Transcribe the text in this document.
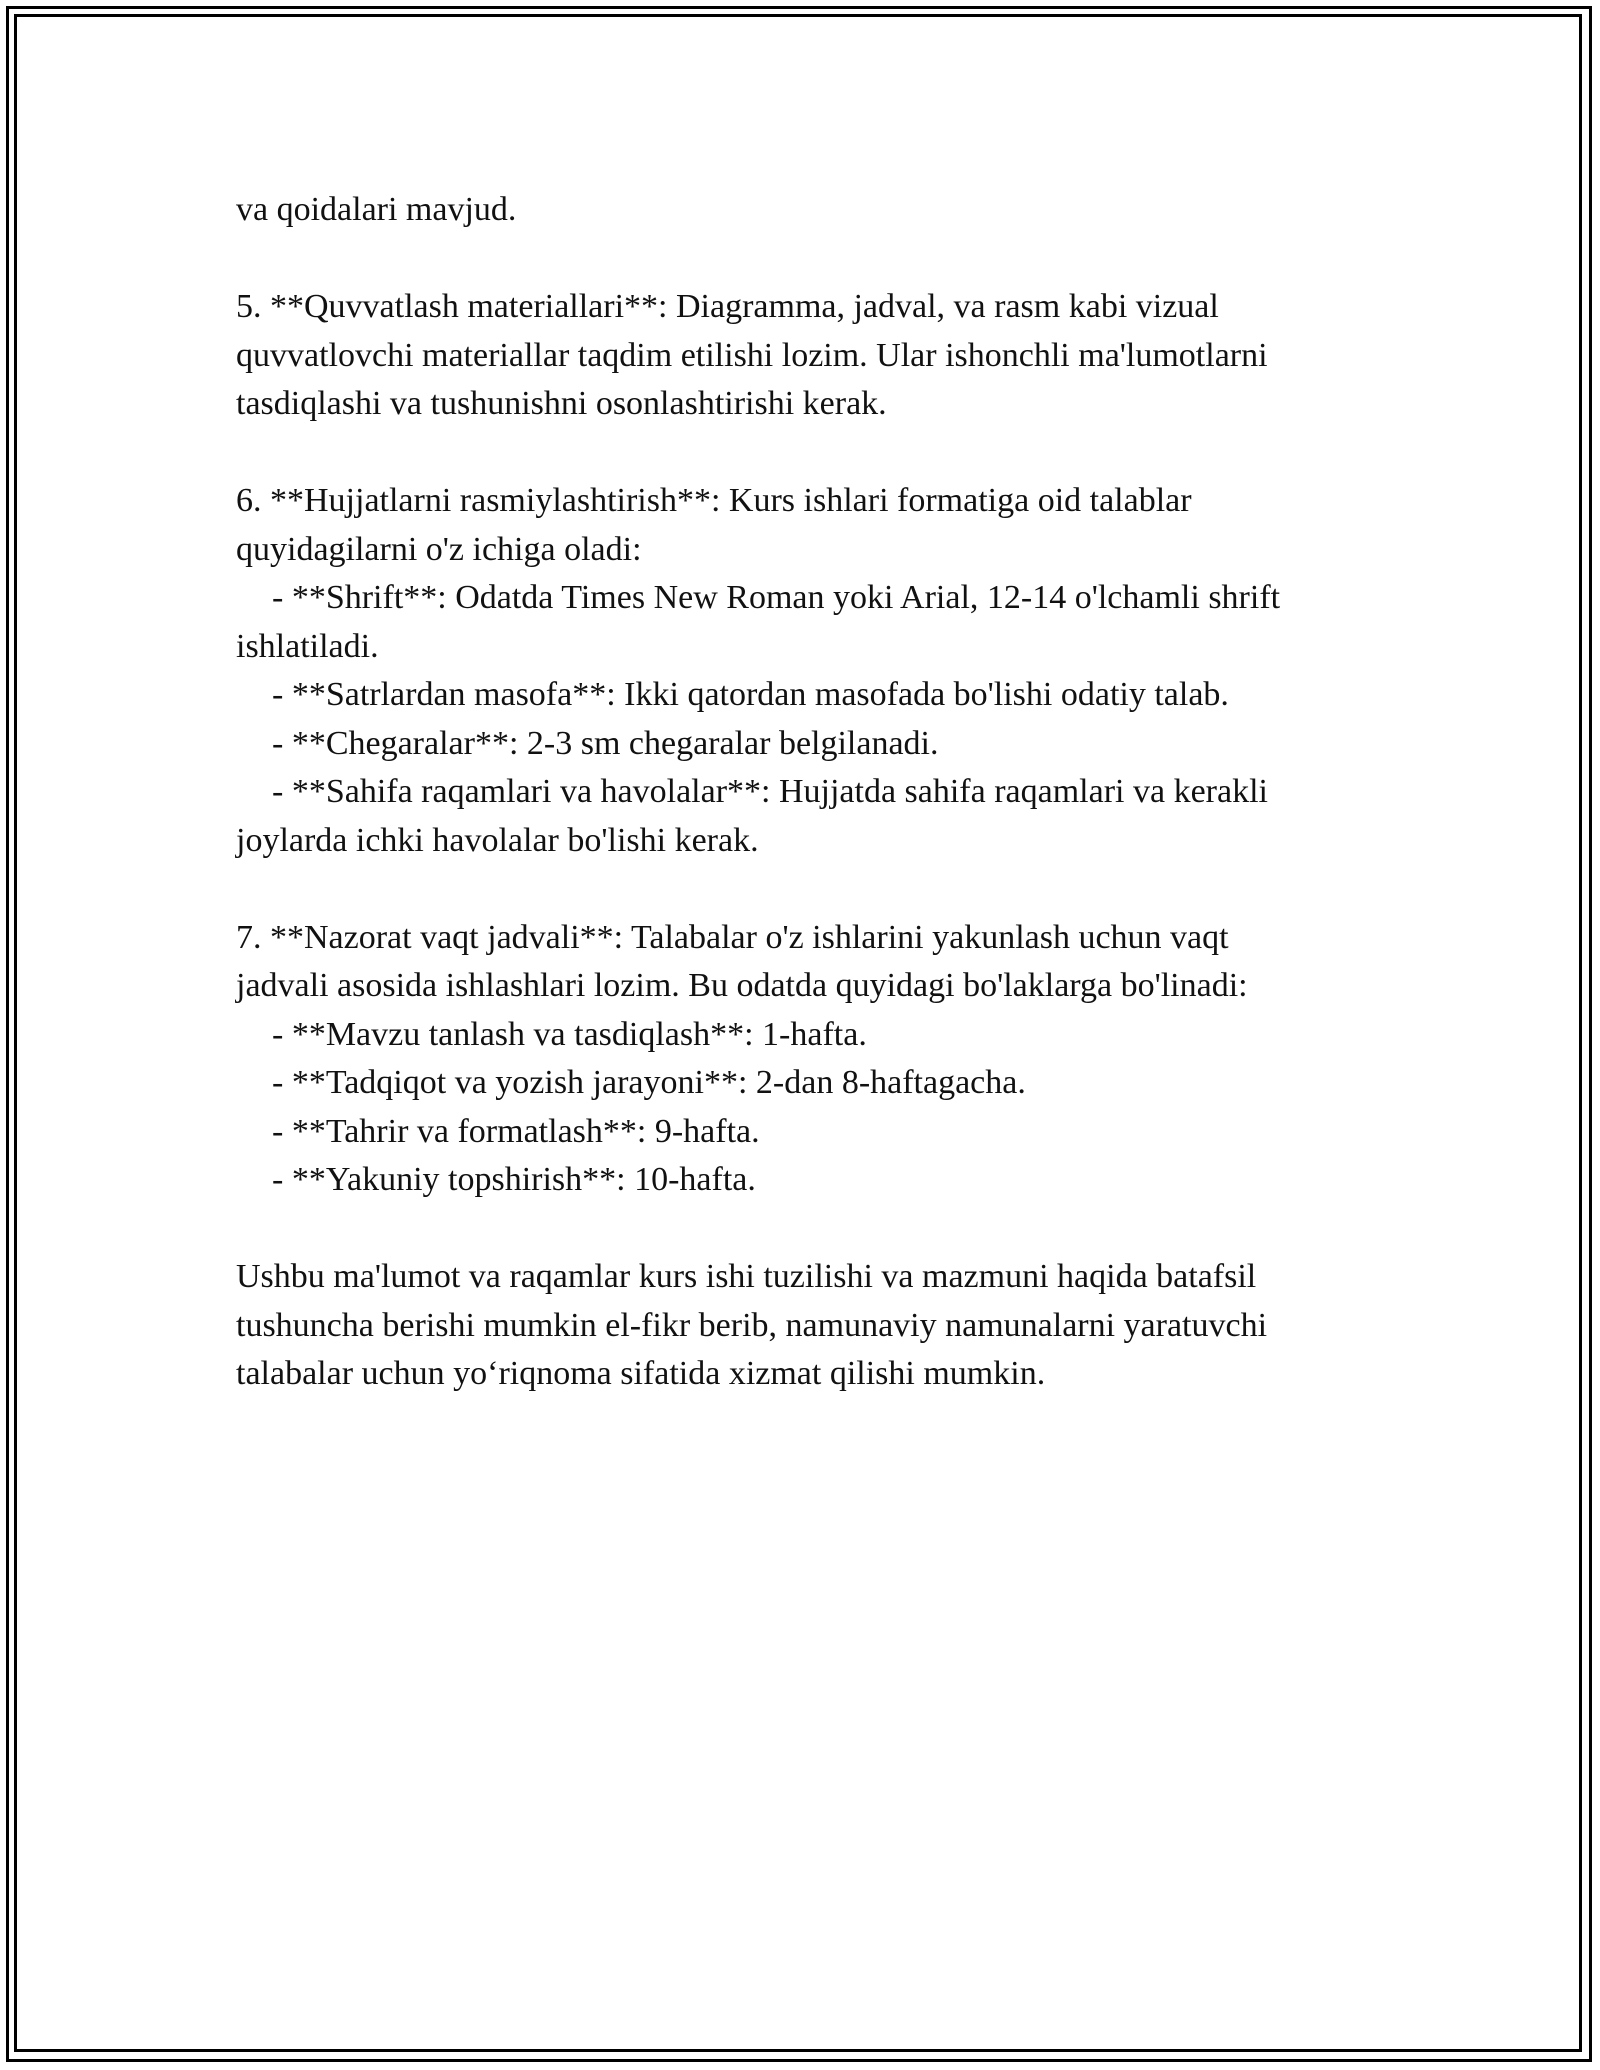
va qoidalari mavjud.

5. **Quvvatlash materiallari**: Diagramma, jadval, va rasm kabi vizual

quvvatlovchi materiallar taqdim etilishi lozim. Ular ishonchli ma'lumotlarni

tasdiqlashi va tushunishni osonlashtirishi kerak.

6. **Hujjatlarni rasmiylashtirish**: Kurs ishlari formatiga oid talablar

quyidagilarni o'z ichiga oladi:

- **Shrift**: Odatda Times New Roman yoki Arial, 12-14 o'lchamli shrift

ishlatiladi.

- **Satrlardan masofa**: Ikki qatordan masofada bo'lishi odatiy talab.

- **Chegaralar**: 2-3 sm chegaralar belgilanadi.

- **Sahifa raqamlari va havolalar**: Hujjatda sahifa raqamlari va kerakli

joylarda ichki havolalar bo'lishi kerak.

7. **Nazorat vaqt jadvali**: Talabalar o'z ishlarini yakunlash uchun vaqt

jadvali asosida ishlashlari lozim. Bu odatda quyidagi bo'laklarga bo'linadi:

- **Mavzu tanlash va tasdiqlash**: 1-hafta.

- **Tadqiqot va yozish jarayoni**: 2-dan 8-haftagacha.

- **Tahrir va formatlash**: 9-hafta.

- **Yakuniy topshirish**: 10-hafta.

Ushbu ma'lumot va raqamlar kurs ishi tuzilishi va mazmuni haqida batafsil

tushuncha berishi mumkin el-fikr berib, namunaviy namunalarni yaratuvchi

talabalar uchun yo‘riqnoma sifatida xizmat qilishi mumkin.
